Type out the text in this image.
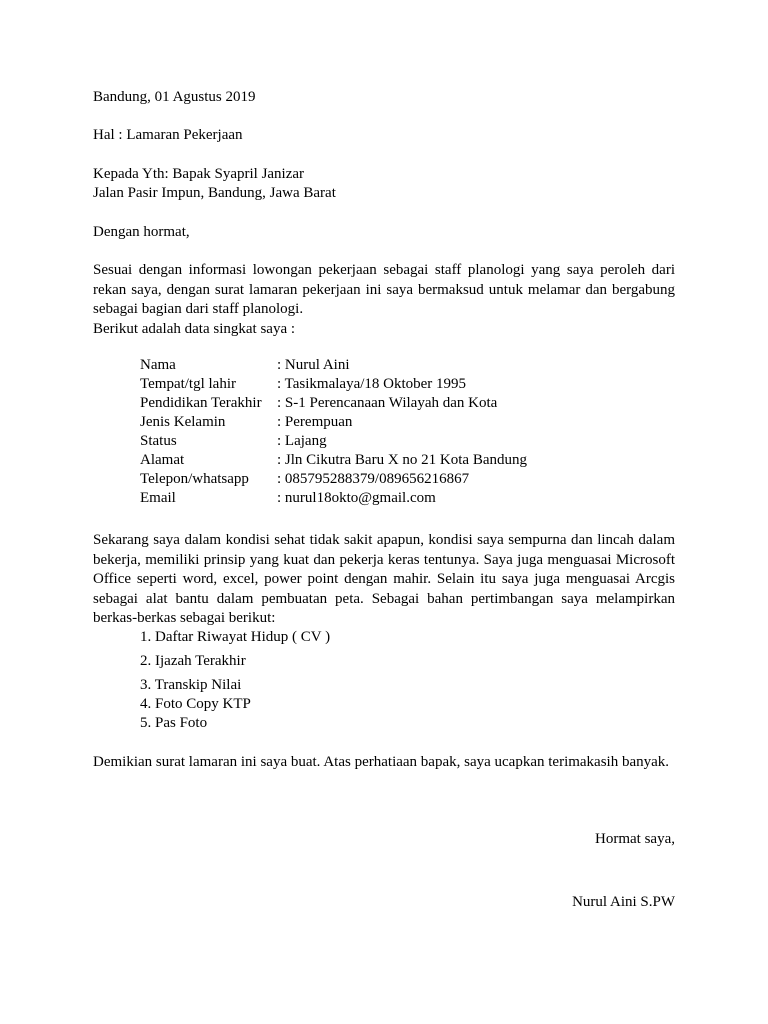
Bandung, 01 Agustus 2019
Hal : Lamaran Pekerjaan
Kepada Yth: Bapak Syapril Janizar
Jalan Pasir Impun, Bandung, Jawa Barat
Dengan hormat,
Sesuai dengan informasi lowongan pekerjaan sebagai staff planologi yang saya peroleh dari rekan saya, dengan surat lamaran pekerjaan ini saya bermaksud untuk melamar dan bergabung sebagai bagian dari staff planologi.
Berikut adalah data singkat saya :
Nama	: Nurul Aini
Tempat/tgl lahir	: Tasikmalaya/18 Oktober 1995
Pendidikan Terakhir	: S-1 Perencanaan Wilayah dan Kota
Jenis Kelamin	: Perempuan
Status	: Lajang
Alamat	: Jln Cikutra Baru X no 21 Kota Bandung
Telepon/whatsapp	: 085795288379/089656216867
Email	: nurul18okto@gmail.com
Sekarang saya dalam kondisi sehat tidak sakit apapun, kondisi saya sempurna dan lincah dalam bekerja, memiliki prinsip yang kuat dan pekerja keras tentunya. Saya juga menguasai Microsoft Office seperti word, excel, power point dengan mahir. Selain itu saya juga menguasai Arcgis sebagai alat bantu dalam pembuatan peta. Sebagai bahan pertimbangan saya melampirkan berkas-berkas sebagai berikut:
1. Daftar Riwayat Hidup ( CV )
2. Ijazah Terakhir
3. Transkip Nilai
4. Foto Copy KTP
5. Pas Foto
Demikian surat lamaran ini saya buat. Atas perhatiaan bapak, saya ucapkan terimakasih banyak.
Hormat saya,
Nurul Aini S.PW
